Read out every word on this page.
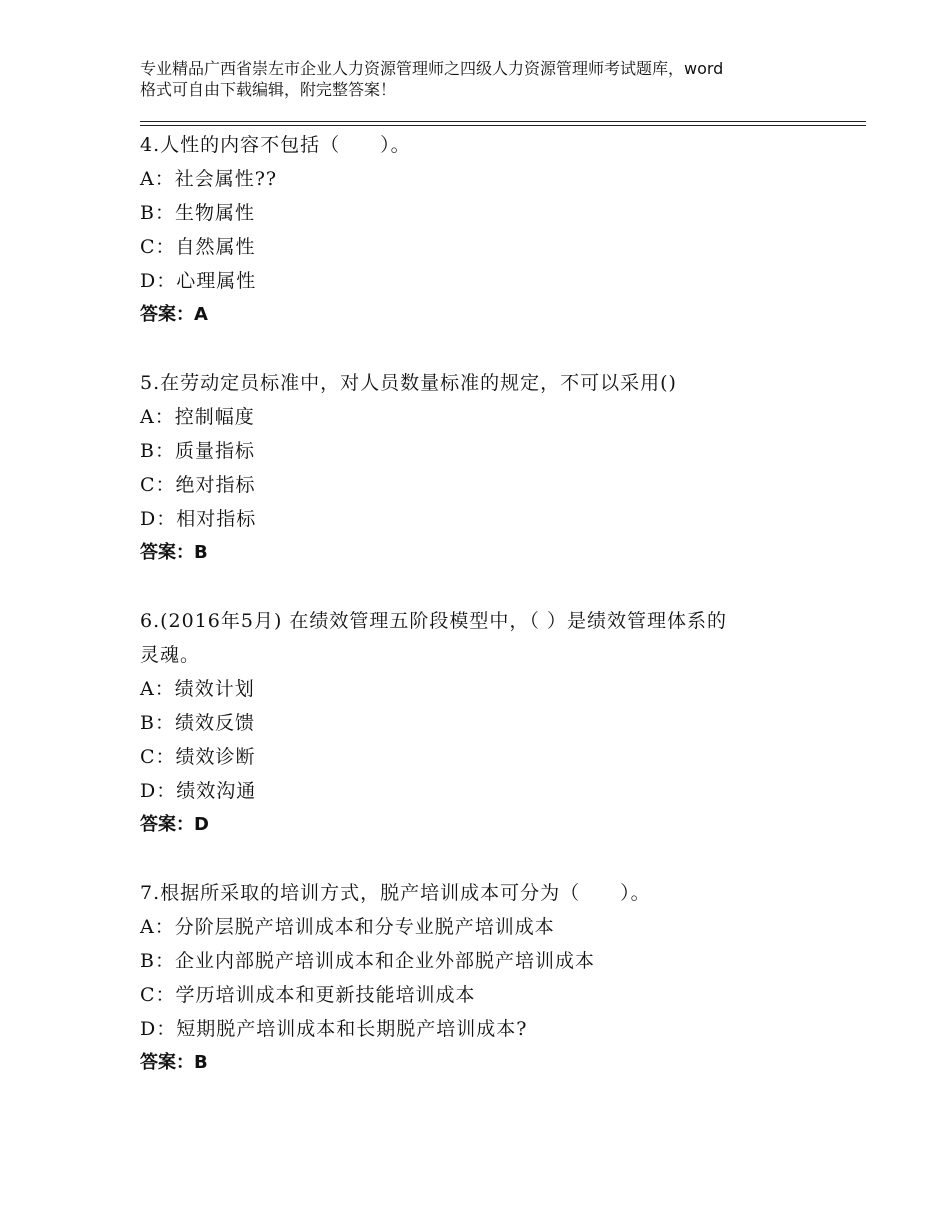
专业精品广西省崇左市企业人力资源管理师之四级人力资源管理师考试题库，word
格式可自由下载编辑，附完整答案！
4.人性的内容不包括（　　）。
A：社会属性??
B：生物属性
C：自然属性
D：心理属性
答案：A
5.在劳动定员标准中，对人员数量标准的规定，不可以采用()
A：控制幅度
B：质量指标
C：绝对指标
D：相对指标
答案：B
6.(2016年5月) 在绩效管理五阶段模型中，（ ）是绩效管理体系的
灵魂。
A：绩效计划
B：绩效反馈
C：绩效诊断
D：绩效沟通
答案：D
7.根据所采取的培训方式，脱产培训成本可分为（　　）。
A：分阶层脱产培训成本和分专业脱产培训成本
B：企业内部脱产培训成本和企业外部脱产培训成本
C：学历培训成本和更新技能培训成本
D：短期脱产培训成本和长期脱产培训成本?
答案：B
